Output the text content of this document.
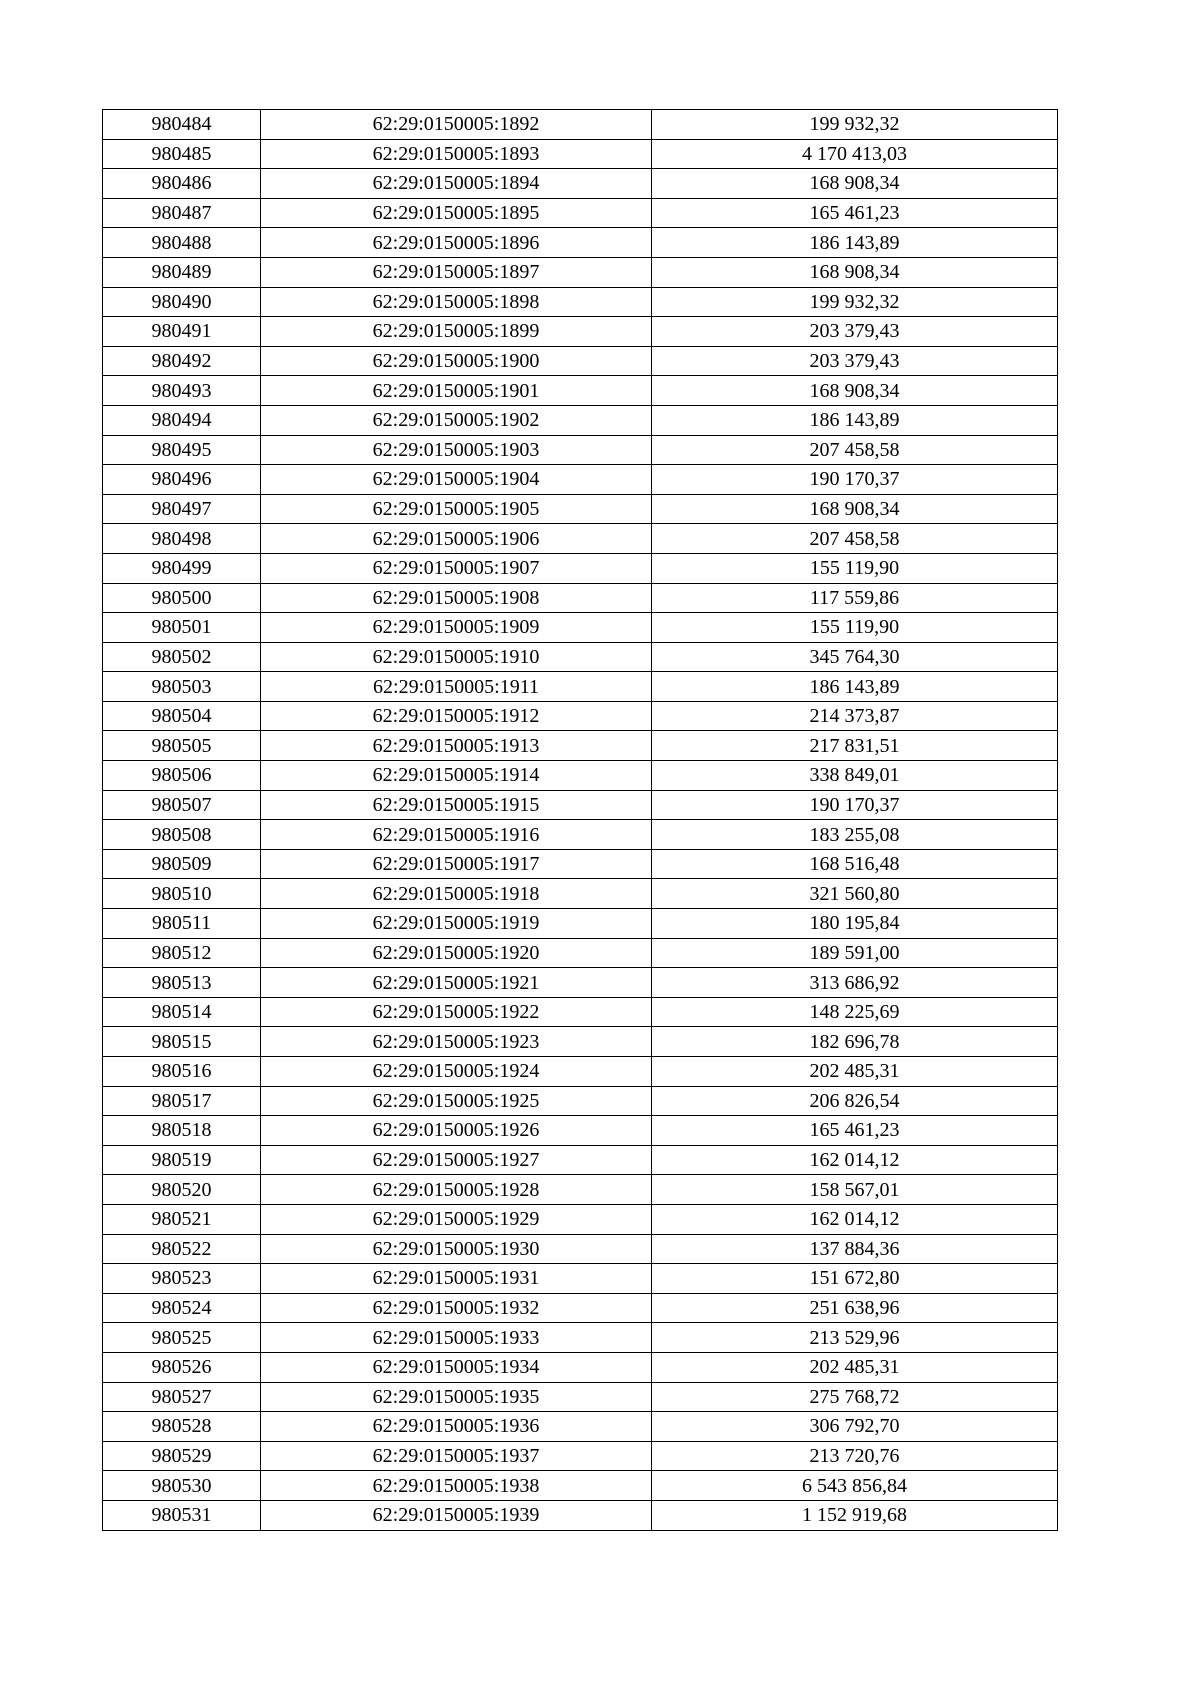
980484	62:29:0150005:1892	199 932,32
980485	62:29:0150005:1893	4 170 413,03
980486	62:29:0150005:1894	168 908,34
980487	62:29:0150005:1895	165 461,23
980488	62:29:0150005:1896	186 143,89
980489	62:29:0150005:1897	168 908,34
980490	62:29:0150005:1898	199 932,32
980491	62:29:0150005:1899	203 379,43
980492	62:29:0150005:1900	203 379,43
980493	62:29:0150005:1901	168 908,34
980494	62:29:0150005:1902	186 143,89
980495	62:29:0150005:1903	207 458,58
980496	62:29:0150005:1904	190 170,37
980497	62:29:0150005:1905	168 908,34
980498	62:29:0150005:1906	207 458,58
980499	62:29:0150005:1907	155 119,90
980500	62:29:0150005:1908	117 559,86
980501	62:29:0150005:1909	155 119,90
980502	62:29:0150005:1910	345 764,30
980503	62:29:0150005:1911	186 143,89
980504	62:29:0150005:1912	214 373,87
980505	62:29:0150005:1913	217 831,51
980506	62:29:0150005:1914	338 849,01
980507	62:29:0150005:1915	190 170,37
980508	62:29:0150005:1916	183 255,08
980509	62:29:0150005:1917	168 516,48
980510	62:29:0150005:1918	321 560,80
980511	62:29:0150005:1919	180 195,84
980512	62:29:0150005:1920	189 591,00
980513	62:29:0150005:1921	313 686,92
980514	62:29:0150005:1922	148 225,69
980515	62:29:0150005:1923	182 696,78
980516	62:29:0150005:1924	202 485,31
980517	62:29:0150005:1925	206 826,54
980518	62:29:0150005:1926	165 461,23
980519	62:29:0150005:1927	162 014,12
980520	62:29:0150005:1928	158 567,01
980521	62:29:0150005:1929	162 014,12
980522	62:29:0150005:1930	137 884,36
980523	62:29:0150005:1931	151 672,80
980524	62:29:0150005:1932	251 638,96
980525	62:29:0150005:1933	213 529,96
980526	62:29:0150005:1934	202 485,31
980527	62:29:0150005:1935	275 768,72
980528	62:29:0150005:1936	306 792,70
980529	62:29:0150005:1937	213 720,76
980530	62:29:0150005:1938	6 543 856,84
980531	62:29:0150005:1939	1 152 919,68
